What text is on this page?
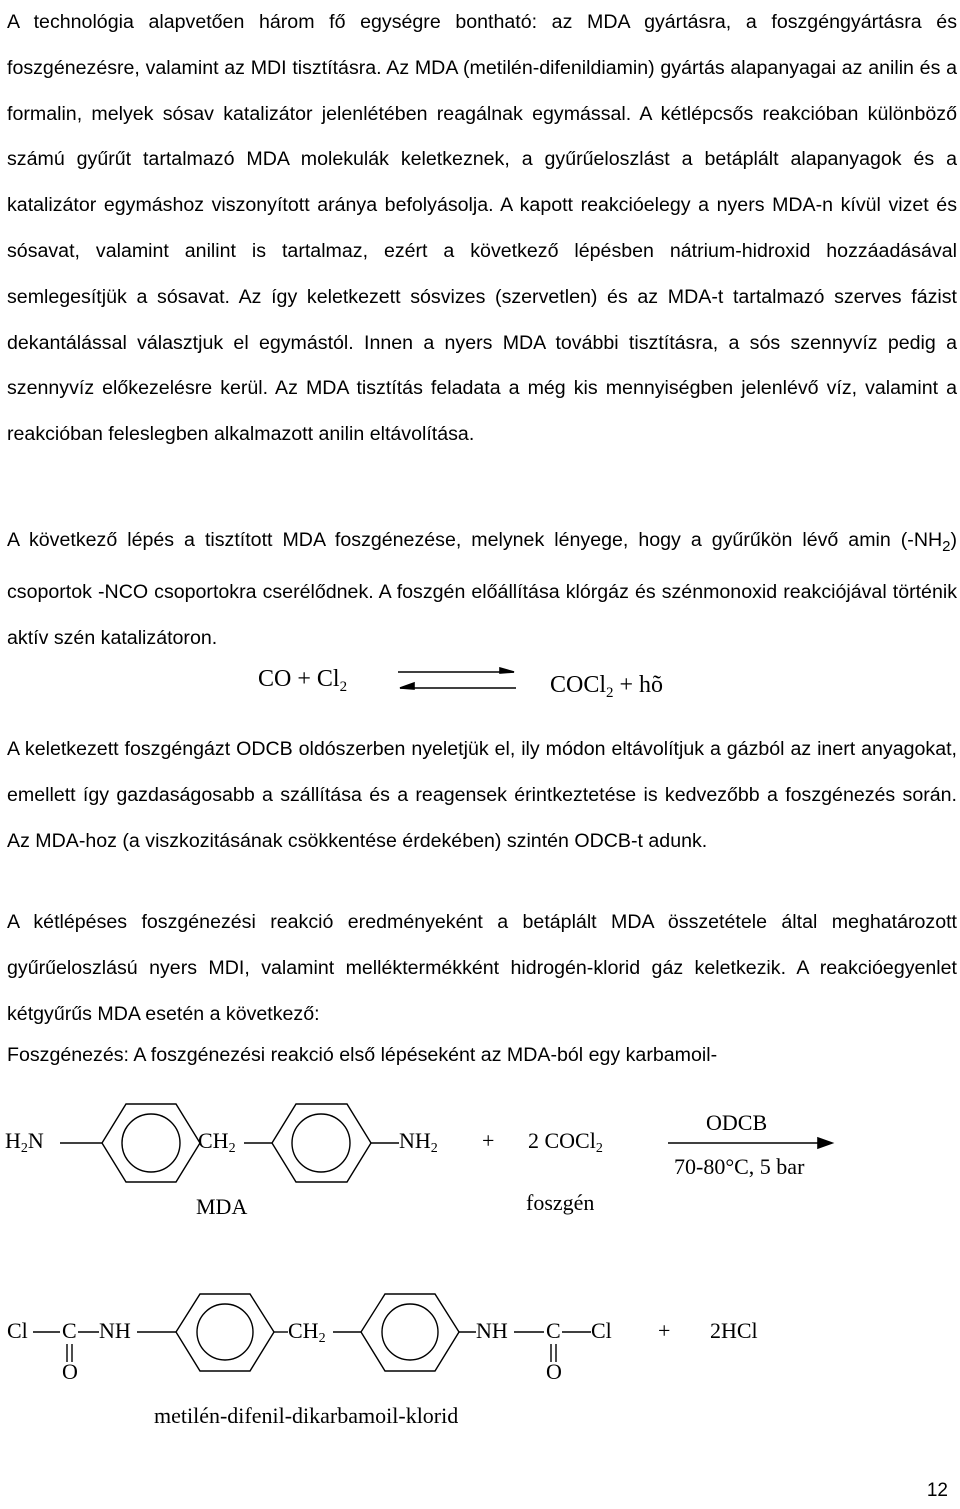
A technológia alapvetően három fő egységre bontható: az MDA gyártásra, a foszgéngyártásra és foszgénezésre, valamint az MDI tisztításra. Az MDA (metilén-difenildiamin) gyártás alapanyagai az anilin és a formalin, melyek sósav katalizátor jelenlétében reagálnak egymással. A kétlépcsős reakcióban különböző számú gyűrűt tartalmazó MDA molekulák keletkeznek, a gyűrűeloszlást a betáplált alapanyagok és a katalizátor egymáshoz viszonyított aránya befolyásolja. A kapott reakcióelegy a nyers MDA-n kívül vizet és sósavat, valamint anilint is tartalmaz, ezért a következő lépésben nátrium-hidroxid hozzáadásával semlegesítjük a sósavat. Az így keletkezett sósvizes (szervetlen) és az MDA-t tartalmazó szerves fázist dekantálással választjuk el egymástól. Innen a nyers MDA további tisztításra, a sós szennyvíz pedig a szennyvíz előkezelésre kerül. Az MDA tisztítás feladata a még kis mennyiségben jelenlévő víz, valamint a reakcióban feleslegben alkalmazott anilin eltávolítása.

A következő lépés a tisztított MDA foszgénezése, melynek lényege, hogy a gyűrűkön lévő amin $(-NH_2)$ csoportok -NCO csoportokra cserélődnek. A foszgén előállítása klórgáz és szénmonoxid reakciójával történik aktív szén katalizátoron.

CO + $Cl_2$	COCl$_2$ + hõ

A keletkezett foszgéngázt ODCB oldószerben nyeletjük el, ily módon eltávolítjuk a gázból az inert anyagokat, emellett így gazdaságosabb a szállítása és a reagensek érintkeztetése is kedvezőbb a foszgénezés során. Az MDA-hoz (a viszkozitásának csökkentése érdekében) szintén ODCB-t adunk.

A kétlépéses foszgénezési reakció eredményeként a betáplált MDA összetétele által meghatározott gyűrűeloszlású nyers MDI, valamint melléktermékként hidrogén-klorid gáz keletkezik. A reakcióegyenlet kétgyűrűs MDA esetén a következő:

Foszgénezés: A foszgénezési reakció első lépéseként az MDA-ból egy karbamoil-

$H_2N$	$CH_2$	$NH_2 + 2$ COCl$_2$
ODCB
70-80°C, 5 bar
MDA	foszgén
Cl C NH	$CH_2$	NH C Cl
O	O
+ 2HCl
metilén-difenil-dikarbamoil-klorid
12
